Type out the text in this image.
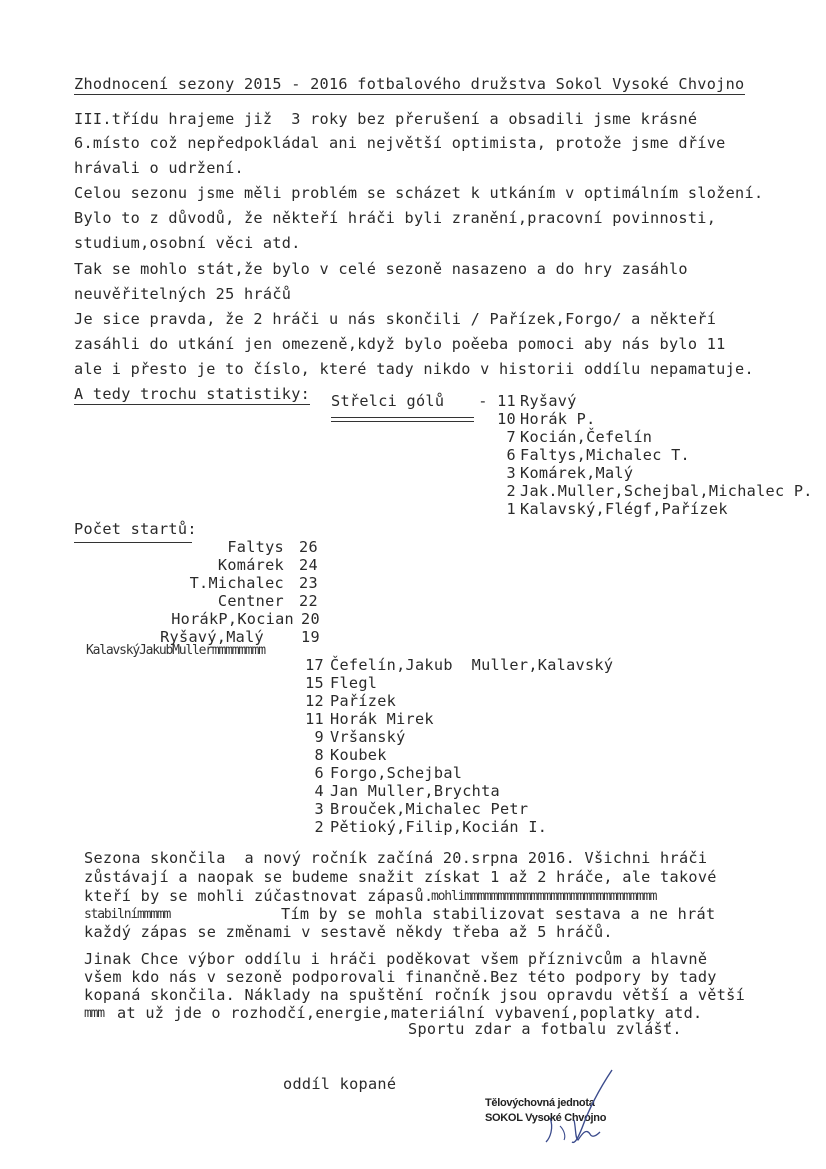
Zhodnocení sezony 2015 - 2016 fotbalového družstva Sokol Vysoké Chvojno
III.třídu hrajeme již  3 roky bez přerušení a obsadili jsme krásné
6.místo což nepředpokládal ani největší optimista, protože jsme dříve
hrávali o udržení.
Celou sezonu jsme měli problém se scházet k utkáním v optimálním složení.
Bylo to z důvodů, že někteří hráči byli zranění,pracovní povinnosti,
studium,osobní věci atd.
Tak se mohlo stát,že bylo v celé sezoně nasazeno a do hry zasáhlo
neuvěřitelných 25 hráčů
Je sice pravda, že 2 hráči u nás skončili / Pařízek,Forgo/ a někteří
zasáhli do utkání jen omezeně,když bylo poěeba pomoci aby nás bylo 11
ale i přesto je to číslo, které tady nikdo v historii oddílu nepamatuje.
A tedy trochu statistiky: Střelci gólů	- 11 Ryšavý
10 Horák P.
7 Kocián,Čefelín
6 Faltys,Michalec T.
3 Komárek,Malý
2 Jak.Muller,Schejbal,Michalec P.
1 Kalavský,Flégf,Pařízek
Počet startů:
Faltys 26
Komárek 24
T.Michalec 23
Centner 22
HorákP,Kocian 20
Ryšavý,Malý 19
KalavskýJakubMullermmmmmmmm
17 Čefelín,Jakub  Muller,Kalavský
15 Flegl
12 Pařízek
11 Horák Mirek
9 Vršanský
8 Koubek
6 Forgo,Schejbal
4 Jan Muller,Brychta
3 Brouček,Michalec Petr
2 Pětioký,Filip,Kocián I.
Sezona skončila  a nový ročník začíná 20.srpna 2016. Všichni hráči
zůstávají a naopak se budeme snažit získat 1 až 2 hráče, ale takové
kteří by se mohli zúčastnovat zápasů.
mohlimmmmmmmmmmmmmmmmmmmmmmmmmmmmm
stabilnímmmmm	Tím by se mohla stabilizovat sestava a ne hrát
každý zápas se změnami v sestavě někdy třeba až 5 hráčů.
Jinak Chce výbor oddílu i hráči poděkovat všem příznivcům a hlavně
všem kdo nás v sezoně podporovali finančně.Bez této podpory by tady
kopaná skončila. Náklady na spuštění ročník jsou opravdu větší a větší
mmm at už jde o rozhodčí,energie,materiální vybavení,poplatky atd.
Sportu zdar a fotbalu zvlášť.
oddíl kopané
Tělovýchovná jednota
SOKOL Vysoké Chvojno
